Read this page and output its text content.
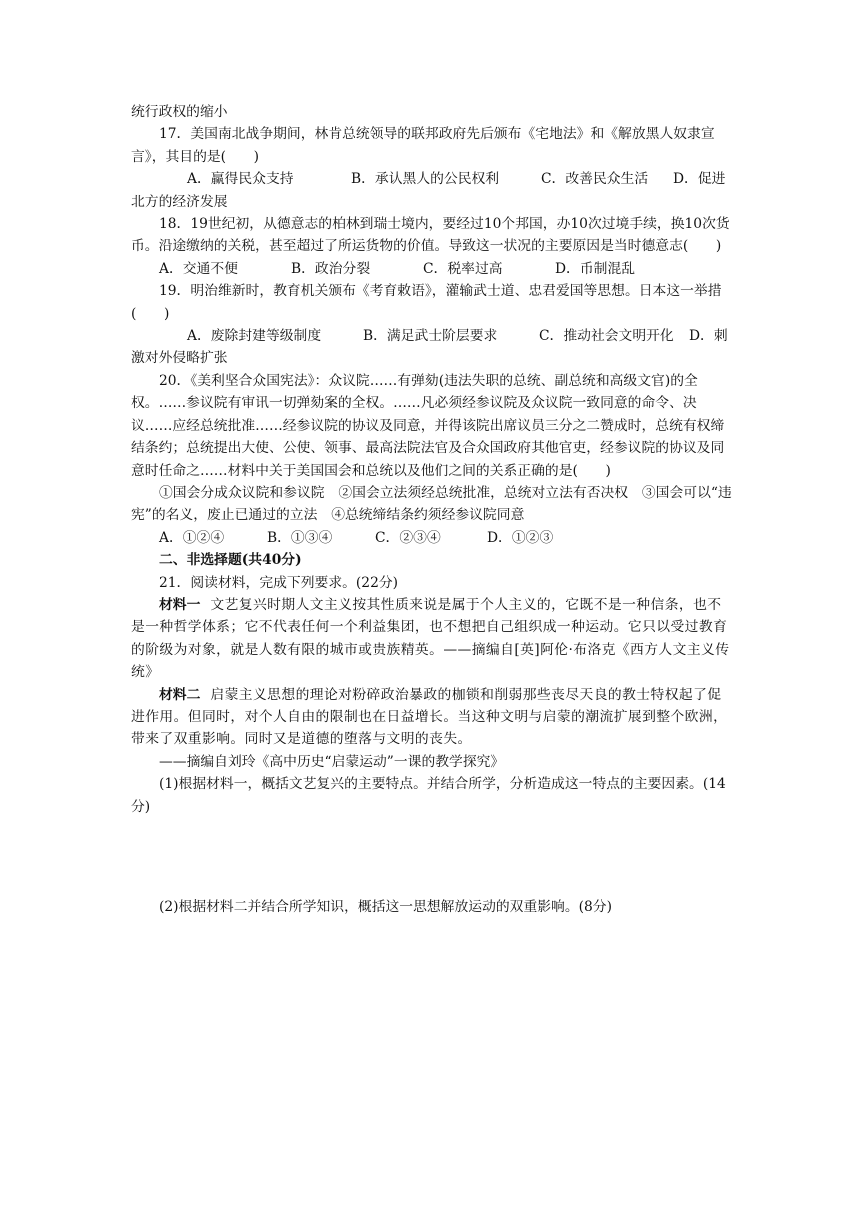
统行政权的缩小

17．美国南北战争期间，林肯总统领导的联邦政府先后颁布《宅地法》和《解放黑人奴隶宣言》，其目的是(　　)

A．赢得民众支持	B．承认黑人的公民权利	C．改善民众生活 D．促进北方的经济发展

18．19世纪初，从德意志的柏林到瑞士境内，要经过10个邦国，办10次过境手续，换10次货币。沿途缴纳的关税，甚至超过了所运货物的价值。导致这一状况的主要原因是当时德意志(　　)

A．交通不便	B．政治分裂	C．税率过高	D．币制混乱

19．明治维新时，教育机关颁布《考育敕语》，灌输武士道、忠君爱国等思想。日本这一举措(　　)

A．废除封建等级制度	B．满足武士阶层要求	C．推动社会文明开化 D．刺激对外侵略扩张

20．《美利坚合众国宪法》：众议院……有弹劾(违法失职的总统、副总统和高级文官)的全权。……参议院有审讯一切弹劾案的全权。……凡必须经参议院及众议院一致同意的命令、决议……应经总统批准……经参议院的协议及同意，并得该院出席议员三分之二赞成时，总统有权缔结条约；总统提出大使、公使、领事、最高法院法官及合众国政府其他官吏，经参议院的协议及同意时任命之……材料中关于美国国会和总统以及他们之间的关系正确的是(　　)

①国会分成众议院和参议院　②国会立法须经总统批准，总统对立法有否决权　③国会可以“违宪”的名义，废止已通过的立法　④总统缔结条约须经参议院同意

A．①②④	B．①③④	C．②③④	D．①②③

二、非选择题(共40分)

21．阅读材料，完成下列要求。(22分)

材料一 文艺复兴时期人文主义按其性质来说是属于个人主义的，它既不是一种信条，也不是一种哲学体系；它不代表任何一个利益集团，也不想把自己组织成一种运动。它只以受过教育的阶级为对象，就是人数有限的城市或贵族精英。——摘编自[英]阿伦·布洛克《西方人文主义传统》

材料二 启蒙主义思想的理论对粉碎政治暴政的枷锁和削弱那些丧尽天良的教士特权起了促进作用。但同时，对个人自由的限制也在日益增长。当这种文明与启蒙的潮流扩展到整个欧洲，带来了双重影响。同时又是道德的堕落与文明的丧失。

——摘编自刘玲《高中历史“启蒙运动”一课的教学探究》

(1)根据材料一，概括文艺复兴的主要特点。并结合所学，分析造成这一特点的主要因素。(14分)

(2)根据材料二并结合所学知识，概括这一思想解放运动的双重影响。(8分)
